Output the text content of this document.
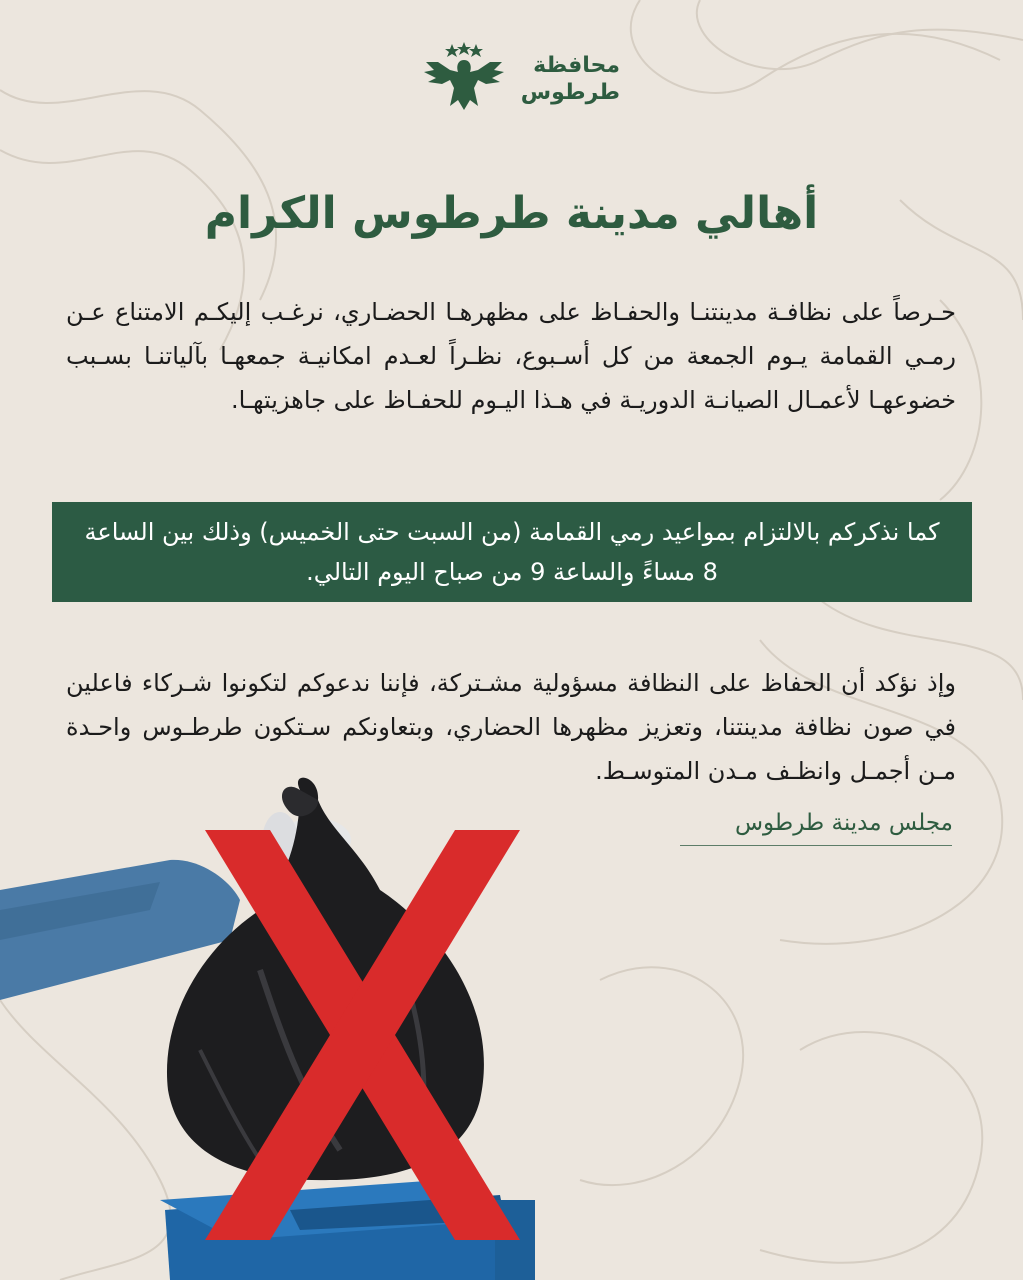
محافظة
طرطوس
أهالي مدينة طرطوس الكرام

حـرصاً على نظافـة مدينتنـا والحفـاظ على مظهرهـا الحضـاري، نرغـب إليكـم الامتناع عـن رمـي القمامة يـوم الجمعة من كل أسـبوع، نظـراً لعـدم امكانيـة جمعهـا بآلياتنـا بسـبب خضوعهـا لأعمـال الصيانـة الدوريـة في هـذا اليـوم للحفـاظ على جاهزيتهـا.

كما نذكركم بالالتزام بمواعيد رمي القمامة (من السبت حتى الخميس) وذلك بين الساعة 8 مساءً والساعة 9 من صباح اليوم التالي.

وإذ نؤكد أن الحفاظ على النظافة مسؤولية مشـتركة، فإننا ندعوكم لتكونوا شـركاء فاعلين في صون نظافة مدينتنا، وتعزيز مظهرها الحضاري، وبتعاونكم سـتكون طرطـوس واحـدة مـن أجمـل وانظـف مـدن المتوسـط.

مجلس مدينة طرطوس
